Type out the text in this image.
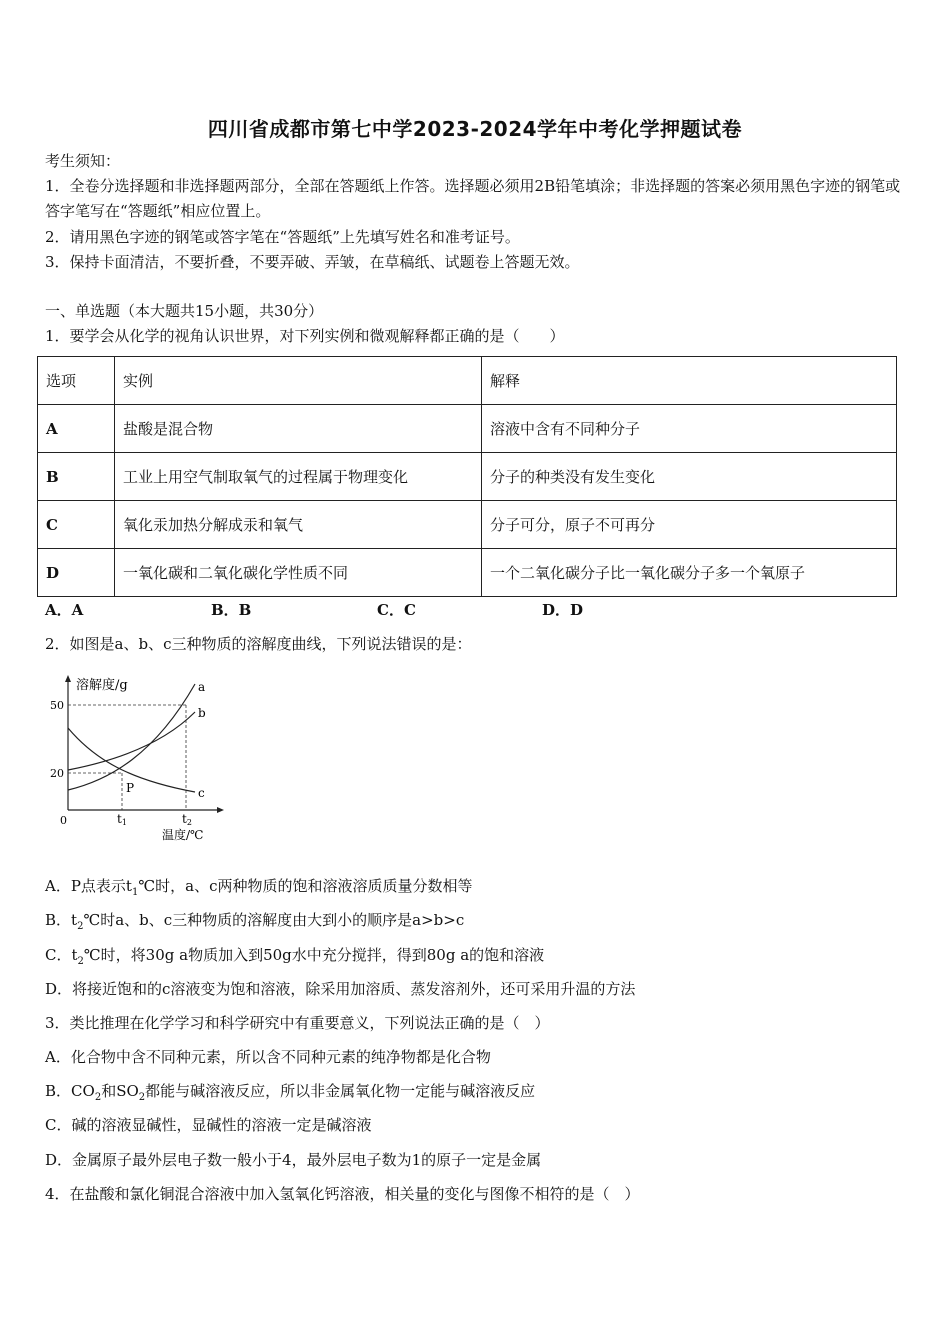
四川省成都市第七中学2023-2024学年中考化学押题试卷
考生须知：
1．全卷分选择题和非选择题两部分，全部在答题纸上作答。选择题必须用2B铅笔填涂；非选择题的答案必须用黑色字迹的钢笔或答字笔写在“答题纸”相应位置上。
2．请用黑色字迹的钢笔或答字笔在“答题纸”上先填写姓名和准考证号。
3．保持卡面清洁，不要折叠，不要弄破、弄皱，在草稿纸、试题卷上答题无效。
一、单选题（本大题共15小题，共30分）
1．要学会从化学的视角认识世界，对下列实例和微观解释都正确的是（　　）
选项	实例	解释
A	盐酸是混合物	溶液中含有不同种分子
B	工业上用空气制取氧气的过程属于物理变化	分子的种类没有发生变化
C	氧化汞加热分解成汞和氧气	分子可分，原子不可再分
D	一氧化碳和二氧化碳化学性质不同	一个二氧化碳分子比一氧化碳分子多一个氧原子
A．A	B．B	C．C	D．D
2．如图是a、b、c三种物质的溶解度曲线，下列说法错误的是：
溶解度/g
50
20
0	t1	t2
P
a
b
c
温度/℃
A．P点表示$t_1℃$时，a、c两种物质的饱和溶液溶质质量分数相等
B．$t_2℃$时a、b、c三种物质的溶解度由大到小的顺序是a>b>c
C．$t_2℃$时，将30g a物质加入到50g水中充分搅拌，得到80g a的饱和溶液
D．将接近饱和的c溶液变为饱和溶液，除采用加溶质、蒸发溶剂外，还可采用升温的方法
3．类比推理在化学学习和科学研究中有重要意义，下列说法正确的是（　）
A．化合物中含不同种元素，所以含不同种元素的纯净物都是化合物
B．$CO_2$和$SO_2$都能与碱溶液反应，所以非金属氧化物一定能与碱溶液反应
C．碱的溶液显碱性，显碱性的溶液一定是碱溶液
D．金属原子最外层电子数一般小于4，最外层电子数为1的原子一定是金属
4．在盐酸和氯化铜混合溶液中加入氢氧化钙溶液，相关量的变化与图像不相符的是（　）
